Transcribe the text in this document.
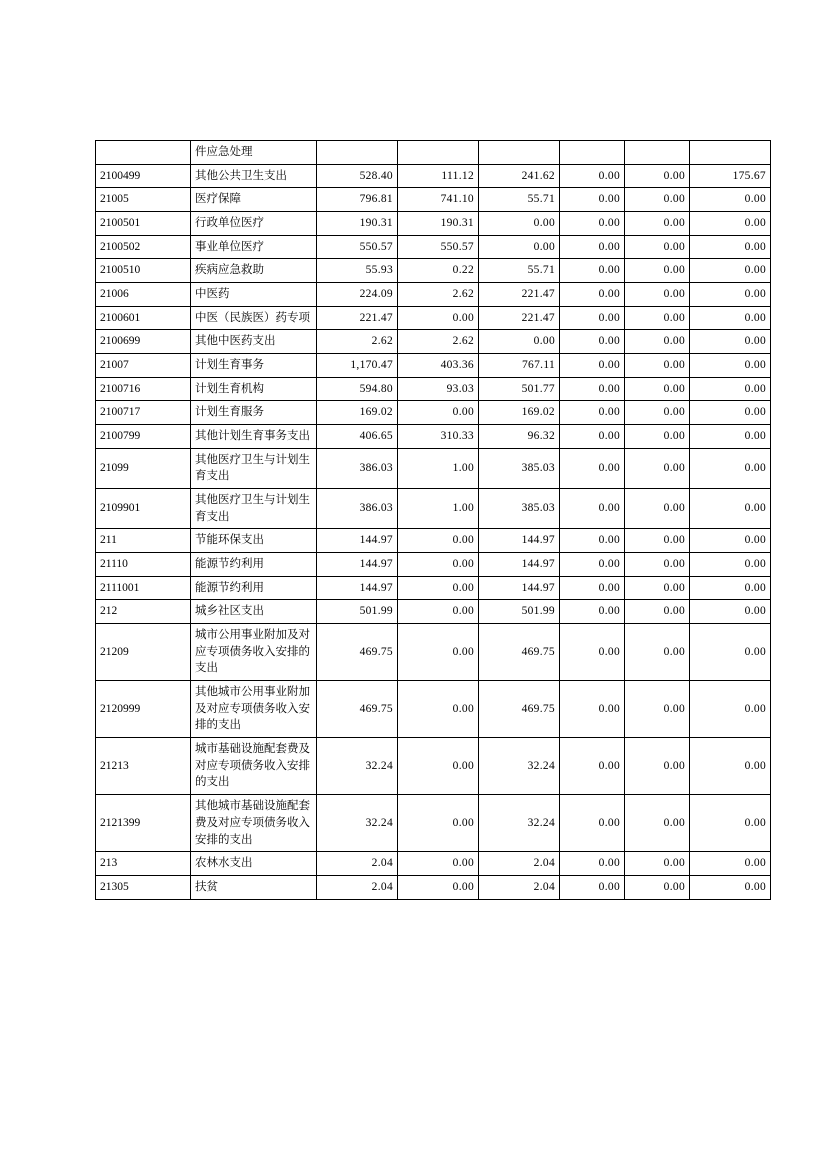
	件应急处理						
2100499	其他公共卫生支出	528.40	111.12	241.62	0.00	0.00	175.67
21005	医疗保障	796.81	741.10	55.71	0.00	0.00	0.00
2100501	行政单位医疗	190.31	190.31	0.00	0.00	0.00	0.00
2100502	事业单位医疗	550.57	550.57	0.00	0.00	0.00	0.00
2100510	疾病应急救助	55.93	0.22	55.71	0.00	0.00	0.00
21006	中医药	224.09	2.62	221.47	0.00	0.00	0.00
2100601	中医（民族医）药专项	221.47	0.00	221.47	0.00	0.00	0.00
2100699	其他中医药支出	2.62	2.62	0.00	0.00	0.00	0.00
21007	计划生育事务	1,170.47	403.36	767.11	0.00	0.00	0.00
2100716	计划生育机构	594.80	93.03	501.77	0.00	0.00	0.00
2100717	计划生育服务	169.02	0.00	169.02	0.00	0.00	0.00
2100799	其他计划生育事务支出	406.65	310.33	96.32	0.00	0.00	0.00
21099	其他医疗卫生与计划生育支出	386.03	1.00	385.03	0.00	0.00	0.00
2109901	其他医疗卫生与计划生育支出	386.03	1.00	385.03	0.00	0.00	0.00
211	节能环保支出	144.97	0.00	144.97	0.00	0.00	0.00
21110	能源节约利用	144.97	0.00	144.97	0.00	0.00	0.00
2111001	能源节约利用	144.97	0.00	144.97	0.00	0.00	0.00
212	城乡社区支出	501.99	0.00	501.99	0.00	0.00	0.00
21209	城市公用事业附加及对应专项债务收入安排的支出	469.75	0.00	469.75	0.00	0.00	0.00
2120999	其他城市公用事业附加及对应专项债务收入安排的支出	469.75	0.00	469.75	0.00	0.00	0.00
21213	城市基础设施配套费及对应专项债务收入安排的支出	32.24	0.00	32.24	0.00	0.00	0.00
2121399	其他城市基础设施配套费及对应专项债务收入安排的支出	32.24	0.00	32.24	0.00	0.00	0.00
213	农林水支出	2.04	0.00	2.04	0.00	0.00	0.00
21305	扶贫	2.04	0.00	2.04	0.00	0.00	0.00
